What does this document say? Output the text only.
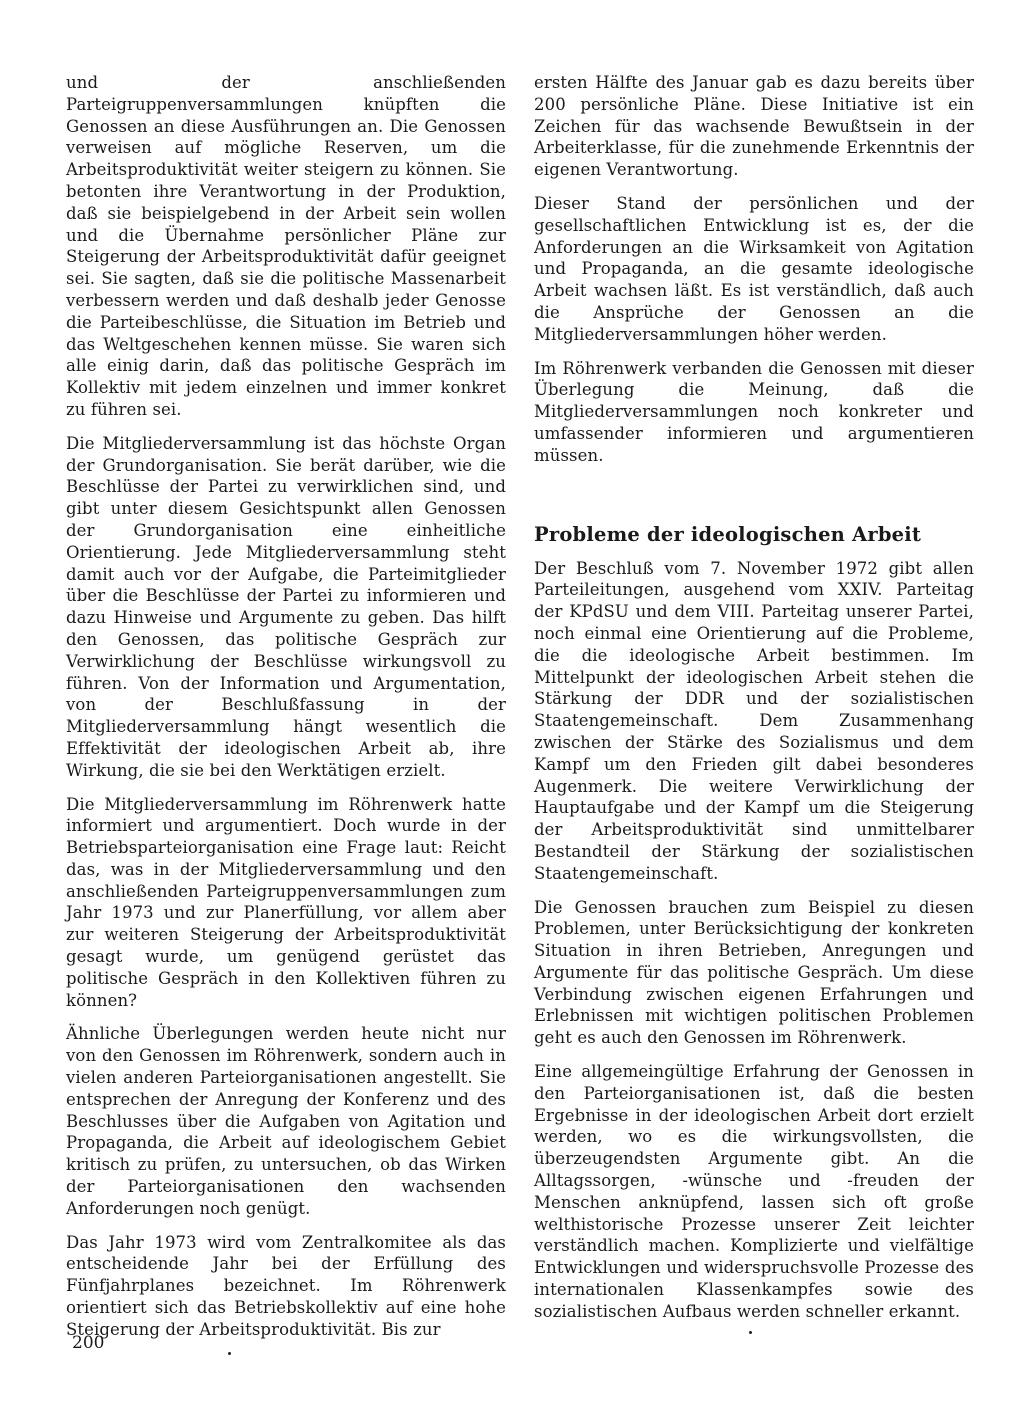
und der anschließenden Parteigruppenversammlungen knüpften die Genossen an diese Ausführungen an. Die Genossen verweisen auf mögliche Reserven, um die Arbeitsproduktivität weiter steigern zu können. Sie betonten ihre Verantwortung in der Produktion, daß sie beispielgebend in der Arbeit sein wollen und die Übernahme persönlicher Pläne zur Steigerung der Arbeitsproduktivität dafür geeignet sei. Sie sagten, daß sie die politische Massenarbeit verbessern werden und daß deshalb jeder Genosse die Parteibeschlüsse, die Situation im Betrieb und das Weltgeschehen kennen müsse. Sie waren sich alle einig darin, daß das politische Gespräch im Kollektiv mit jedem einzelnen und immer konkret zu führen sei.

Die Mitgliederversammlung ist das höchste Organ der Grundorganisation. Sie berät darüber, wie die Beschlüsse der Partei zu verwirklichen sind, und gibt unter diesem Gesichtspunkt allen Genossen der Grundorganisation eine einheitliche Orientierung. Jede Mitgliederversammlung steht damit auch vor der Aufgabe, die Parteimitglieder über die Beschlüsse der Partei zu informieren und dazu Hinweise und Argumente zu geben. Das hilft den Genossen, das politische Gespräch zur Verwirklichung der Beschlüsse wirkungsvoll zu führen. Von der Information und Argumentation, von der Beschlußfassung in der Mitgliederversammlung hängt wesentlich die Effektivität der ideologischen Arbeit ab, ihre Wirkung, die sie bei den Werktätigen erzielt.

Die Mitgliederversammlung im Röhrenwerk hatte informiert und argumentiert. Doch wurde in der Betriebsparteiorganisation eine Frage laut: Reicht das, was in der Mitgliederversammlung und den anschließenden Parteigruppenversammlungen zum Jahr 1973 und zur Planerfüllung, vor allem aber zur weiteren Steigerung der Arbeitsproduktivität gesagt wurde, um genügend gerüstet das politische Gespräch in den Kollektiven führen zu können?

Ähnliche Überlegungen werden heute nicht nur von den Genossen im Röhrenwerk, sondern auch in vielen anderen Parteiorganisationen angestellt. Sie entsprechen der Anregung der Konferenz und des Beschlusses über die Aufgaben von Agitation und Propaganda, die Arbeit auf ideologischem Gebiet kritisch zu prüfen, zu untersuchen, ob das Wirken der Parteiorganisationen den wachsenden Anforderungen noch genügt.

Das Jahr 1973 wird vom Zentralkomitee als das entscheidende Jahr bei der Erfüllung des Fünfjahrplanes bezeichnet. Im Röhrenwerk orientiert sich das Betriebskollektiv auf eine hohe Steigerung der Arbeitsproduktivität. Bis zur

ersten Hälfte des Januar gab es dazu bereits über 200 persönliche Pläne. Diese Initiative ist ein Zeichen für das wachsende Bewußtsein in der Arbeiterklasse, für die zunehmende Erkenntnis der eigenen Verantwortung.

Dieser Stand der persönlichen und der gesellschaftlichen Entwicklung ist es, der die Anforderungen an die Wirksamkeit von Agitation und Propaganda, an die gesamte ideologische Arbeit wachsen läßt. Es ist verständlich, daß auch die Ansprüche der Genossen an die Mitgliederversammlungen höher werden.

Im Röhrenwerk verbanden die Genossen mit dieser Überlegung die Meinung, daß die Mitgliederversammlungen noch konkreter und umfassender informieren und argumentieren müssen.

Probleme der ideologischen Arbeit

Der Beschluß vom 7. November 1972 gibt allen Parteileitungen, ausgehend vom XXIV. Parteitag der KPdSU und dem VIII. Parteitag unserer Partei, noch einmal eine Orientierung auf die Probleme, die die ideologische Arbeit bestimmen. Im Mittelpunkt der ideologischen Arbeit stehen die Stärkung der DDR und der sozialistischen Staatengemeinschaft. Dem Zusammenhang zwischen der Stärke des Sozialismus und dem Kampf um den Frieden gilt dabei besonderes Augenmerk. Die weitere Verwirklichung der Hauptaufgabe und der Kampf um die Steigerung der Arbeitsproduktivität sind unmittelbarer Bestandteil der Stärkung der sozialistischen Staatengemeinschaft.

Die Genossen brauchen zum Beispiel zu diesen Problemen, unter Berücksichtigung der konkreten Situation in ihren Betrieben, Anregungen und Argumente für das politische Gespräch. Um diese Verbindung zwischen eigenen Erfahrungen und Erlebnissen mit wichtigen politischen Problemen geht es auch den Genossen im Röhrenwerk.

Eine allgemeingültige Erfahrung der Genossen in den Parteiorganisationen ist, daß die besten Ergebnisse in der ideologischen Arbeit dort erzielt werden, wo es die wirkungsvollsten, die überzeugendsten Argumente gibt. An die Alltagssorgen, -wünsche und -freuden der Menschen anknüpfend, lassen sich oft große welthistorische Prozesse unserer Zeit leichter verständlich machen. Komplizierte und vielfältige Entwicklungen und widerspruchsvolle Prozesse des internationalen Klassenkampfes sowie des sozialistischen Aufbaus werden schneller erkannt.

200
